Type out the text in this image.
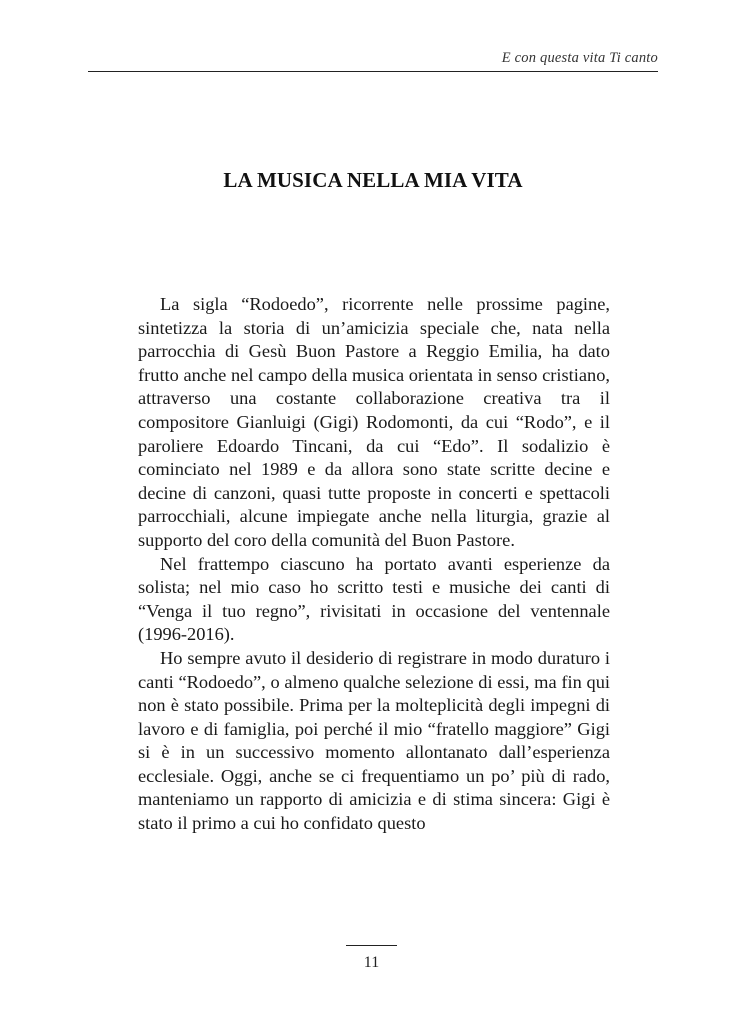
E con questa vita Ti canto
LA MUSICA NELLA MIA VITA

La sigla “Rodoedo”, ricorrente nelle prossime pagine, sintetizza la storia di un’amicizia speciale che, nata nella parrocchia di Gesù Buon Pastore a Reggio Emilia, ha dato frutto anche nel campo della musica orientata in senso cristiano, attraverso una costante collaborazione creativa tra il compositore Gianluigi (Gigi) Rodomonti, da cui “Rodo”, e il paroliere Edoardo Tincani, da cui “Edo”. Il sodalizio è cominciato nel 1989 e da allora sono state scritte decine e decine di canzoni, quasi tutte proposte in concerti e spettacoli parrocchiali, alcune impiegate anche nella liturgia, grazie al supporto del coro della comunità del Buon Pastore.

Nel frattempo ciascuno ha portato avanti esperienze da solista; nel mio caso ho scritto testi e musiche dei canti di “Venga il tuo regno”, rivisitati in occasione del ventennale (1996-2016).

Ho sempre avuto il desiderio di registrare in modo duraturo i canti “Rodoedo”, o almeno qualche selezione di essi, ma fin qui non è stato possibile. Prima per la molteplicità degli impegni di lavoro e di famiglia, poi perché il mio “fratello maggiore” Gigi si è in un successivo momento allontanato dall’esperienza ecclesiale. Oggi, anche se ci frequentiamo un po’ più di rado, manteniamo un rapporto di amicizia e di stima sincera: Gigi è stato il primo a cui ho confidato questo

11
